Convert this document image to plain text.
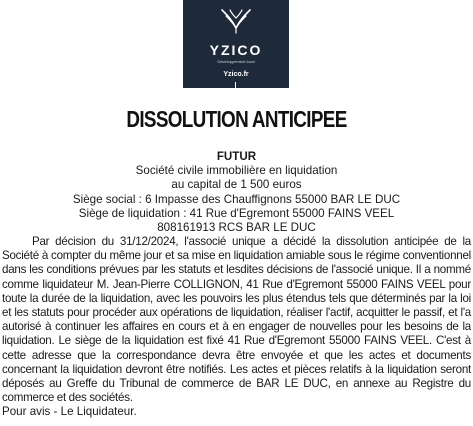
YZICO
Développement local
Yzico.fr
DISSOLUTION ANTICIPEE
FUTUR
Société civile immobilière en liquidation
au capital de 1 500 euros
Siège social : 6 Impasse des Chauffignons 55000 BAR LE DUC
Siège de liquidation : 41 Rue d'Egremont 55000 FAINS VEEL
808161913 RCS BAR LE DUC
Par décision du 31/12/2024, l'associé unique a décidé la dissolution anticipée de la Société à compter du même jour et sa mise en liquidation amiable sous le régime conventionnel dans les conditions prévues par les statuts et lesdites décisions de l'associé unique. Il a nommé comme liquidateur M. Jean-Pierre COLLIGNON, 41 Rue d'Egremont 55000 FAINS VEEL pour toute la durée de la liquidation, avec les pouvoirs les plus étendus tels que déterminés par la loi et les statuts pour procéder aux opérations de liquidation, réaliser l'actif, acquitter le passif, et l'a autorisé à continuer les affaires en cours et à en engager de nouvelles pour les besoins de la liquidation. Le siège de la liquidation est fixé 41 Rue d'Egremont 55000 FAINS VEEL. C'est à cette adresse que la correspondance devra être envoyée et que les actes et documents concernant la liquidation devront être notifiés. Les actes et pièces relatifs à la liquidation seront déposés au Greffe du Tribunal de commerce de BAR LE DUC, en annexe au Registre du commerce et des sociétés.
Pour avis - Le Liquidateur.
